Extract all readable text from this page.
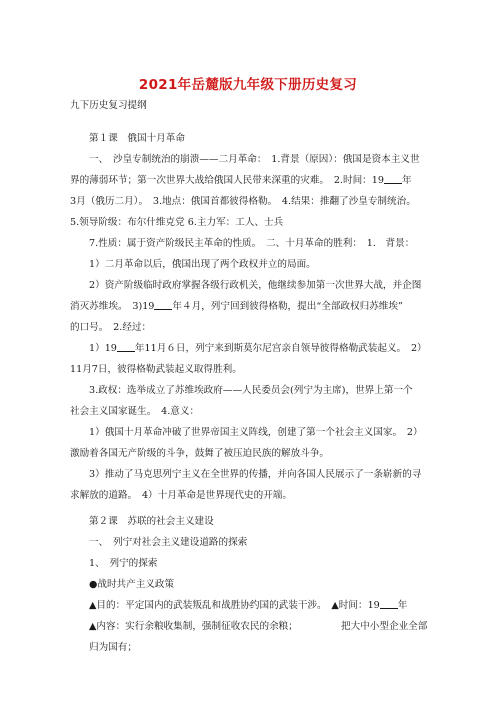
2021年岳麓版九年级下册历史复习
九下历史复习提纲
第１课　俄国十月革命
一、　沙皇专制统治的崩溃——二月革命：　1.背景（原因）：俄国是资本主义世
界的薄弱环节；第一次世界大战给俄国人民带来深重的灾难。　2.时间：19 年
3月（俄历二月）。　3.地点：俄国首都彼得格勒。　4.结果：推翻了沙皇专制统治。
5.领导阶级：布尔什维克党 6.主力军：工人、士兵
7.性质：属于资产阶级民主革命的性质。　二、十月革命的胜利：　1.　背景：
1）二月革命以后，俄国出现了两个政权并立的局面。
2）资产阶级临时政府掌握各级行政机关，他继续参加第一次世界大战，并企图
消灭苏维埃。　3)19 年４月，列宁回到彼得格勒，提出“全部政权归苏维埃”
的口号。　2.经过：
1）19 年11月６日，列宁来到斯莫尔尼宫亲自领导彼得格勒武装起义。　2）
11月7日，彼得格勒武装起义取得胜利。
3.政权：选举成立了苏维埃政府——人民委员会(列宁为主席)，世界上第一个
社会主义国家诞生。　4.意义：
1）俄国十月革命冲破了世界帝国主义阵线，创建了第一个社会主义国家。　2）
激励着各国无产阶级的斗争，鼓舞了被压迫民族的解放斗争。
3）推动了马克思列宁主义在全世界的传播，并向各国人民展示了一条崭新的寻
求解放的道路。　4）十月革命是世界现代史的开端。
第２课　苏联的社会主义建设
一、　列宁对社会主义建设道路的探索
1、　列宁的探索
●战时共产主义政策
▲目的：平定国内的武装叛乱和战胜协约国的武装干涉。　▲时间：19 年
▲内容：实行余粮收集制，强制征收农民的余粮；　　　　　把大中小型企业全部
归为国有；
